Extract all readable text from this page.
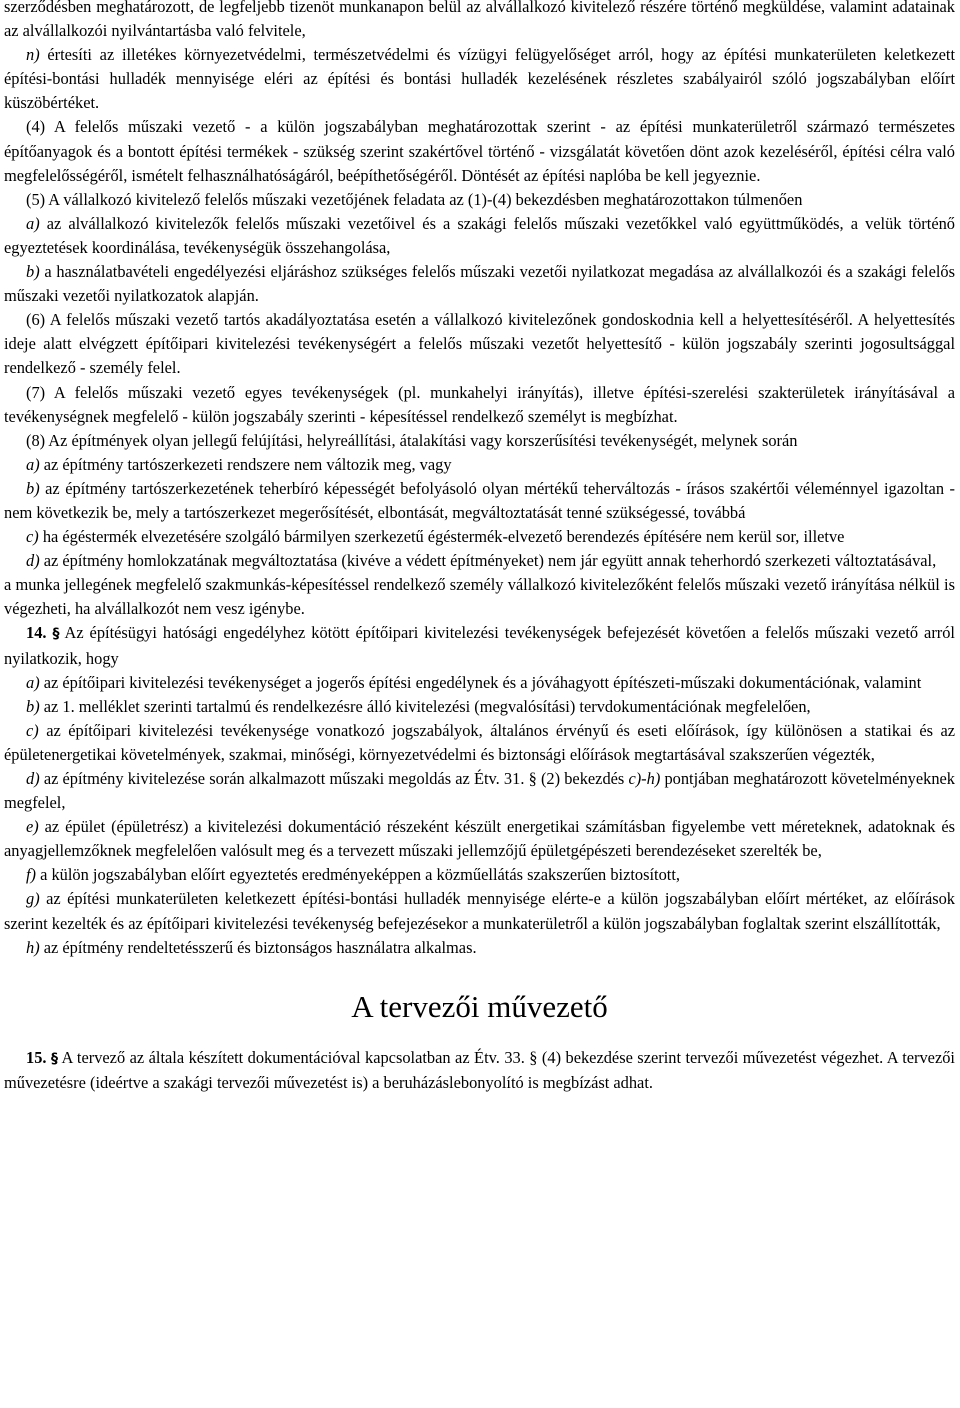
szerződésben meghatározott, de legfeljebb tizenöt munkanapon belül az alvállalkozó kivitelező részére történő megküldése, valamint adatainak az alvállalkozói nyilvántartásba való felvitele,

n) értesíti az illetékes környezetvédelmi, természetvédelmi és vízügyi felügyelőséget arról, hogy az építési munkaterületen keletkezett építési-bontási hulladék mennyisége eléri az építési és bontási hulladék kezelésének részletes szabályairól szóló jogszabályban előírt küszöbértéket.

(4) A felelős műszaki vezető - a külön jogszabályban meghatározottak szerint - az építési munkaterületről származó természetes építőanyagok és a bontott építési termékek - szükség szerint szakértővel történő - vizsgálatát követően dönt azok kezeléséről, építési célra való megfelelősségéről, ismételt felhasználhatóságáról, beépíthetőségéről. Döntését az építési naplóba be kell jegyeznie.

(5) A vállalkozó kivitelező felelős műszaki vezetőjének feladata az (1)-(4) bekezdésben meghatározottakon túlmenően

a) az alvállalkozó kivitelezők felelős műszaki vezetőivel és a szakági felelős műszaki vezetőkkel való együttműködés, a velük történő egyeztetések koordinálása, tevékenységük összehangolása,

b) a használatbavételi engedélyezési eljáráshoz szükséges felelős műszaki vezetői nyilatkozat megadása az alvállalkozói és a szakági felelős műszaki vezetői nyilatkozatok alapján.

(6) A felelős műszaki vezető tartós akadályoztatása esetén a vállalkozó kivitelezőnek gondoskodnia kell a helyettesítéséről. A helyettesítés ideje alatt elvégzett építőipari kivitelezési tevékenységért a felelős műszaki vezetőt helyettesítő - külön jogszabály szerinti jogosultsággal rendelkező - személy felel.

(7) A felelős műszaki vezető egyes tevékenységek (pl. munkahelyi irányítás), illetve építési-szerelési szakterületek irányításával a tevékenységnek megfelelő - külön jogszabály szerinti - képesítéssel rendelkező személyt is megbízhat.

(8) Az építmények olyan jellegű felújítási, helyreállítási, átalakítási vagy korszerűsítési tevékenységét, melynek során

a) az építmény tartószerkezeti rendszere nem változik meg, vagy

b) az építmény tartószerkezetének teherbíró képességét befolyásoló olyan mértékű teherváltozás - írásos szakértői véleménnyel igazoltan - nem következik be, mely a tartószerkezet megerősítését, elbontását, megváltoztatását tenné szükségessé, továbbá

c) ha égéstermék elvezetésére szolgáló bármilyen szerkezetű égéstermék-elvezető berendezés építésére nem kerül sor, illetve

d) az építmény homlokzatának megváltoztatása (kivéve a védett építményeket) nem jár együtt annak teherhordó szerkezeti változtatásával,

a munka jellegének megfelelő szakmunkás-képesítéssel rendelkező személy vállalkozó kivitelezőként felelős műszaki vezető irányítása nélkül is végezheti, ha alvállalkozót nem vesz igénybe.

14. § Az építésügyi hatósági engedélyhez kötött építőipari kivitelezési tevékenységek befejezését követően a felelős műszaki vezető arról nyilatkozik, hogy

a) az építőipari kivitelezési tevékenységet a jogerős építési engedélynek és a jóváhagyott építészeti-műszaki dokumentációnak, valamint

b) az 1. melléklet szerinti tartalmú és rendelkezésre álló kivitelezési (megvalósítási) tervdokumentációnak megfelelően,

c) az építőipari kivitelezési tevékenysége vonatkozó jogszabályok, általános érvényű és eseti előírások, így különösen a statikai és az épületenergetikai követelmények, szakmai, minőségi, környezetvédelmi és biztonsági előírások megtartásával szakszerűen végezték,

d) az építmény kivitelezése során alkalmazott műszaki megoldás az Étv. 31. § (2) bekezdés c)-h) pontjában meghatározott követelményeknek megfelel,

e) az épület (épületrész) a kivitelezési dokumentáció részeként készült energetikai számításban figyelembe vett méreteknek, adatoknak és anyagjellemzőknek megfelelően valósult meg és a tervezett műszaki jellemzőjű épületgépészeti berendezéseket szerelték be,

f) a külön jogszabályban előírt egyeztetés eredményeképpen a közműellátás szakszerűen biztosított,

g) az építési munkaterületen keletkezett építési-bontási hulladék mennyisége elérte-e a külön jogszabályban előírt mértéket, az előírások szerint kezelték és az építőipari kivitelezési tevékenység befejezésekor a munkaterületről a külön jogszabályban foglaltak szerint elszállították,

h) az építmény rendeltetésszerű és biztonságos használatra alkalmas.

A tervezői művezető

15. § A tervező az általa készített dokumentációval kapcsolatban az Étv. 33. § (4) bekezdése szerint tervezői művezetést végezhet. A tervezői művezetésre (ideértve a szakági tervezői művezetést is) a beruházáslebonyolító is megbízást adhat.
